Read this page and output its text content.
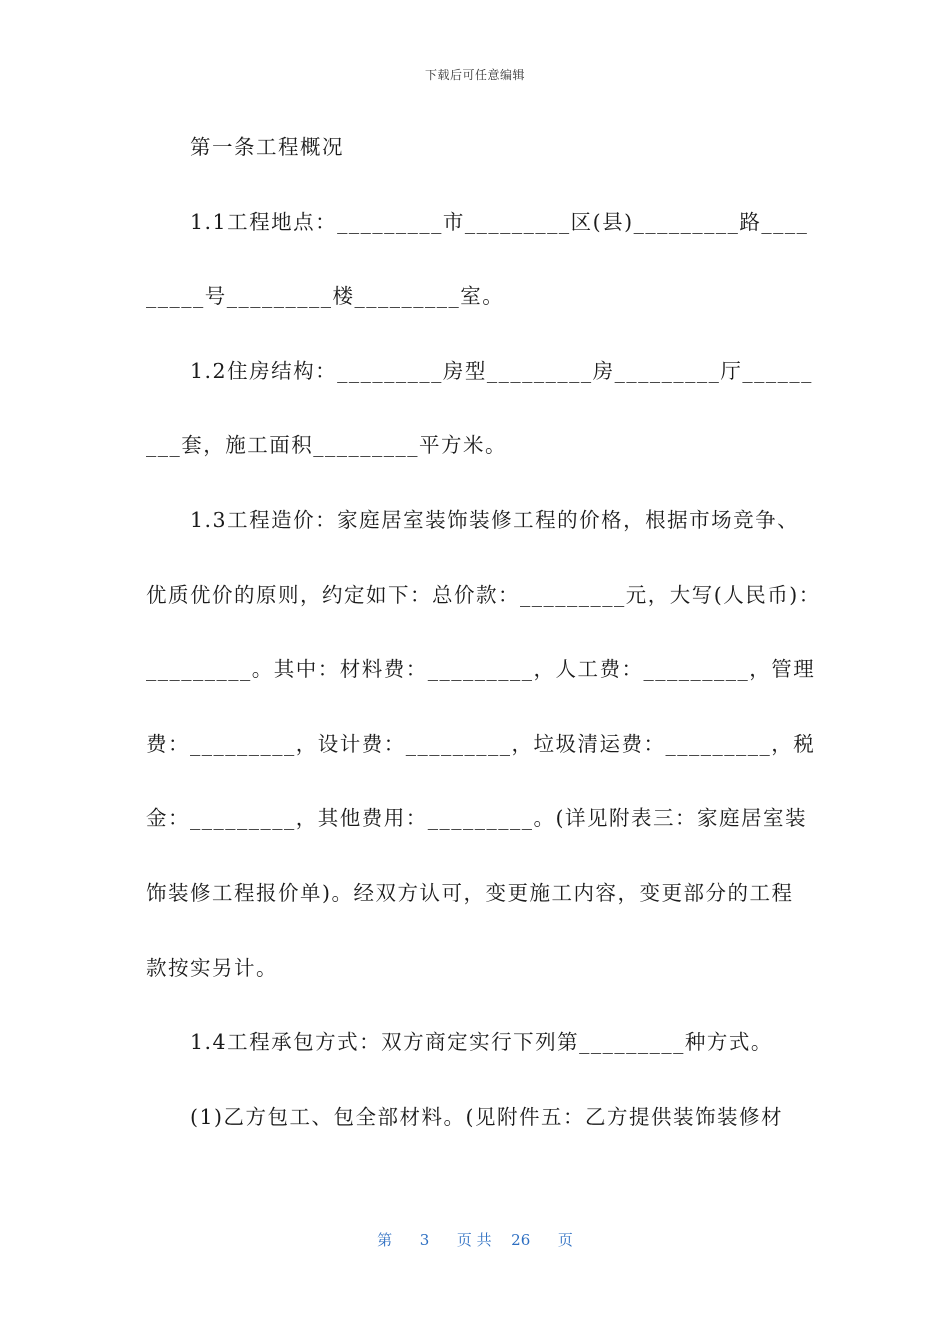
下载后可任意编辑
第一条工程概况
1.1工程地点：_________市_________区(县)_________路____
_____号_________楼_________室。
1.2住房结构：_________房型_________房_________厅______
___套，施工面积_________平方米。
1.3工程造价：家庭居室装饰装修工程的价格，根据市场竞争、
优质优价的原则，约定如下：总价款：_________元，大写(人民币)：
_________。其中：材料费：_________，人工费：_________，管理
费：_________，设计费：_________，垃圾清运费：_________，税
金：_________，其他费用：_________。(详见附表三：家庭居室装
饰装修工程报价单)。经双方认可，变更施工内容，变更部分的工程
款按实另计。
1.4工程承包方式：双方商定实行下列第_________种方式。
(1)乙方包工、包全部材料。(见附件五：乙方提供装饰装修材
第 3 页 共 26 页
